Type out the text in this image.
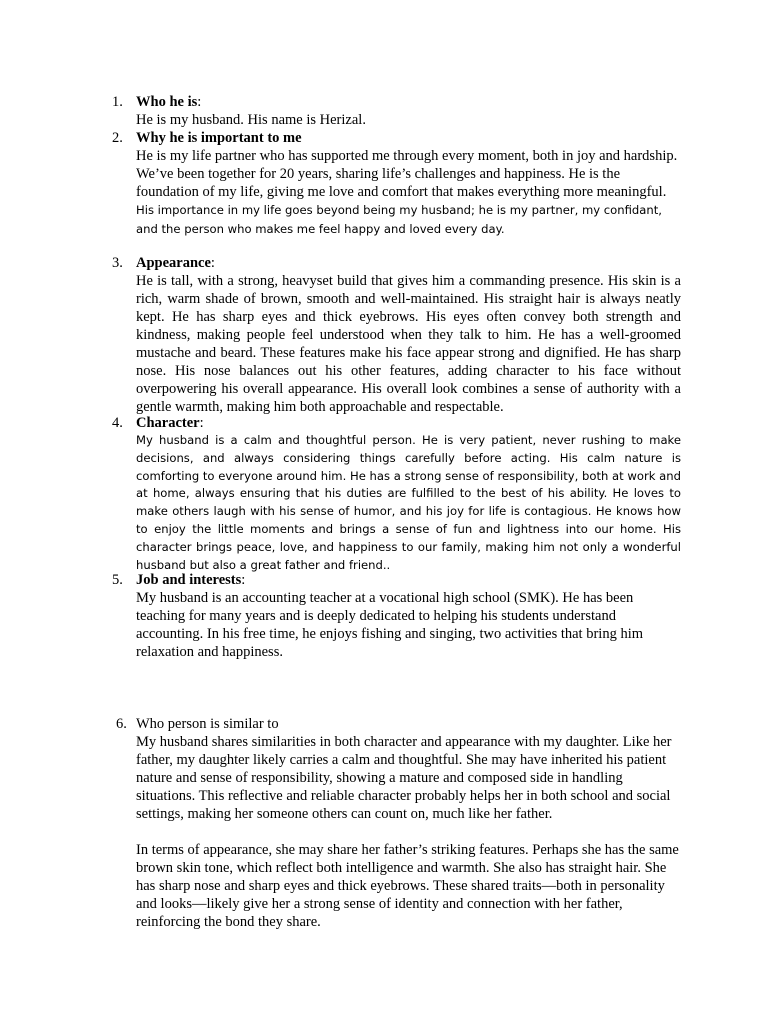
1. Who he is:
He is my husband. His name is Herizal.
2. Why he is important to me
He is my life partner who has supported me through every moment, both in joy and hardship. We’ve been together for 20 years, sharing life’s challenges and happiness. He is the foundation of my life, giving me love and comfort that makes everything more meaningful. His importance in my life goes beyond being my husband; he is my partner, my confidant, and the person who makes me feel happy and loved every day.
3. Appearance:
He is tall, with a strong, heavyset build that gives him a commanding presence. His skin is a rich, warm shade of brown, smooth and well-maintained. His straight hair is always neatly kept. He has sharp eyes and thick eyebrows. His eyes often convey both strength and kindness, making people feel understood when they talk to him. He has a well-groomed mustache and beard. These features make his face appear strong and dignified. He has sharp nose. His nose balances out his other features, adding character to his face without overpowering his overall appearance. His overall look combines a sense of authority with a gentle warmth, making him both approachable and respectable.
4. Character:
My husband is a calm and thoughtful person. He is very patient, never rushing to make decisions, and always considering things carefully before acting. His calm nature is comforting to everyone around him. He has a strong sense of responsibility, both at work and at home, always ensuring that his duties are fulfilled to the best of his ability. He loves to make others laugh with his sense of humor, and his joy for life is contagious. He knows how to enjoy the little moments and brings a sense of fun and lightness into our home. His character brings peace, love, and happiness to our family, making him not only a wonderful husband but also a great father and friend..
5. Job and interests:
My husband is an accounting teacher at a vocational high school (SMK). He has been teaching for many years and is deeply dedicated to helping his students understand accounting. In his free time, he enjoys fishing and singing, two activities that bring him relaxation and happiness.
6. Who person is similar to
My husband shares similarities in both character and appearance with my daughter. Like her father, my daughter likely carries a calm and thoughtful. She may have inherited his patient nature and sense of responsibility, showing a mature and composed side in handling situations. This reflective and reliable character probably helps her in both school and social settings, making her someone others can count on, much like her father.
In terms of appearance, she may share her father’s striking features. Perhaps she has the same brown skin tone, which reflect both intelligence and warmth. She also has straight hair. She has sharp nose and sharp eyes and thick eyebrows. These shared traits—both in personality and looks—likely give her a strong sense of identity and connection with her father, reinforcing the bond they share.
